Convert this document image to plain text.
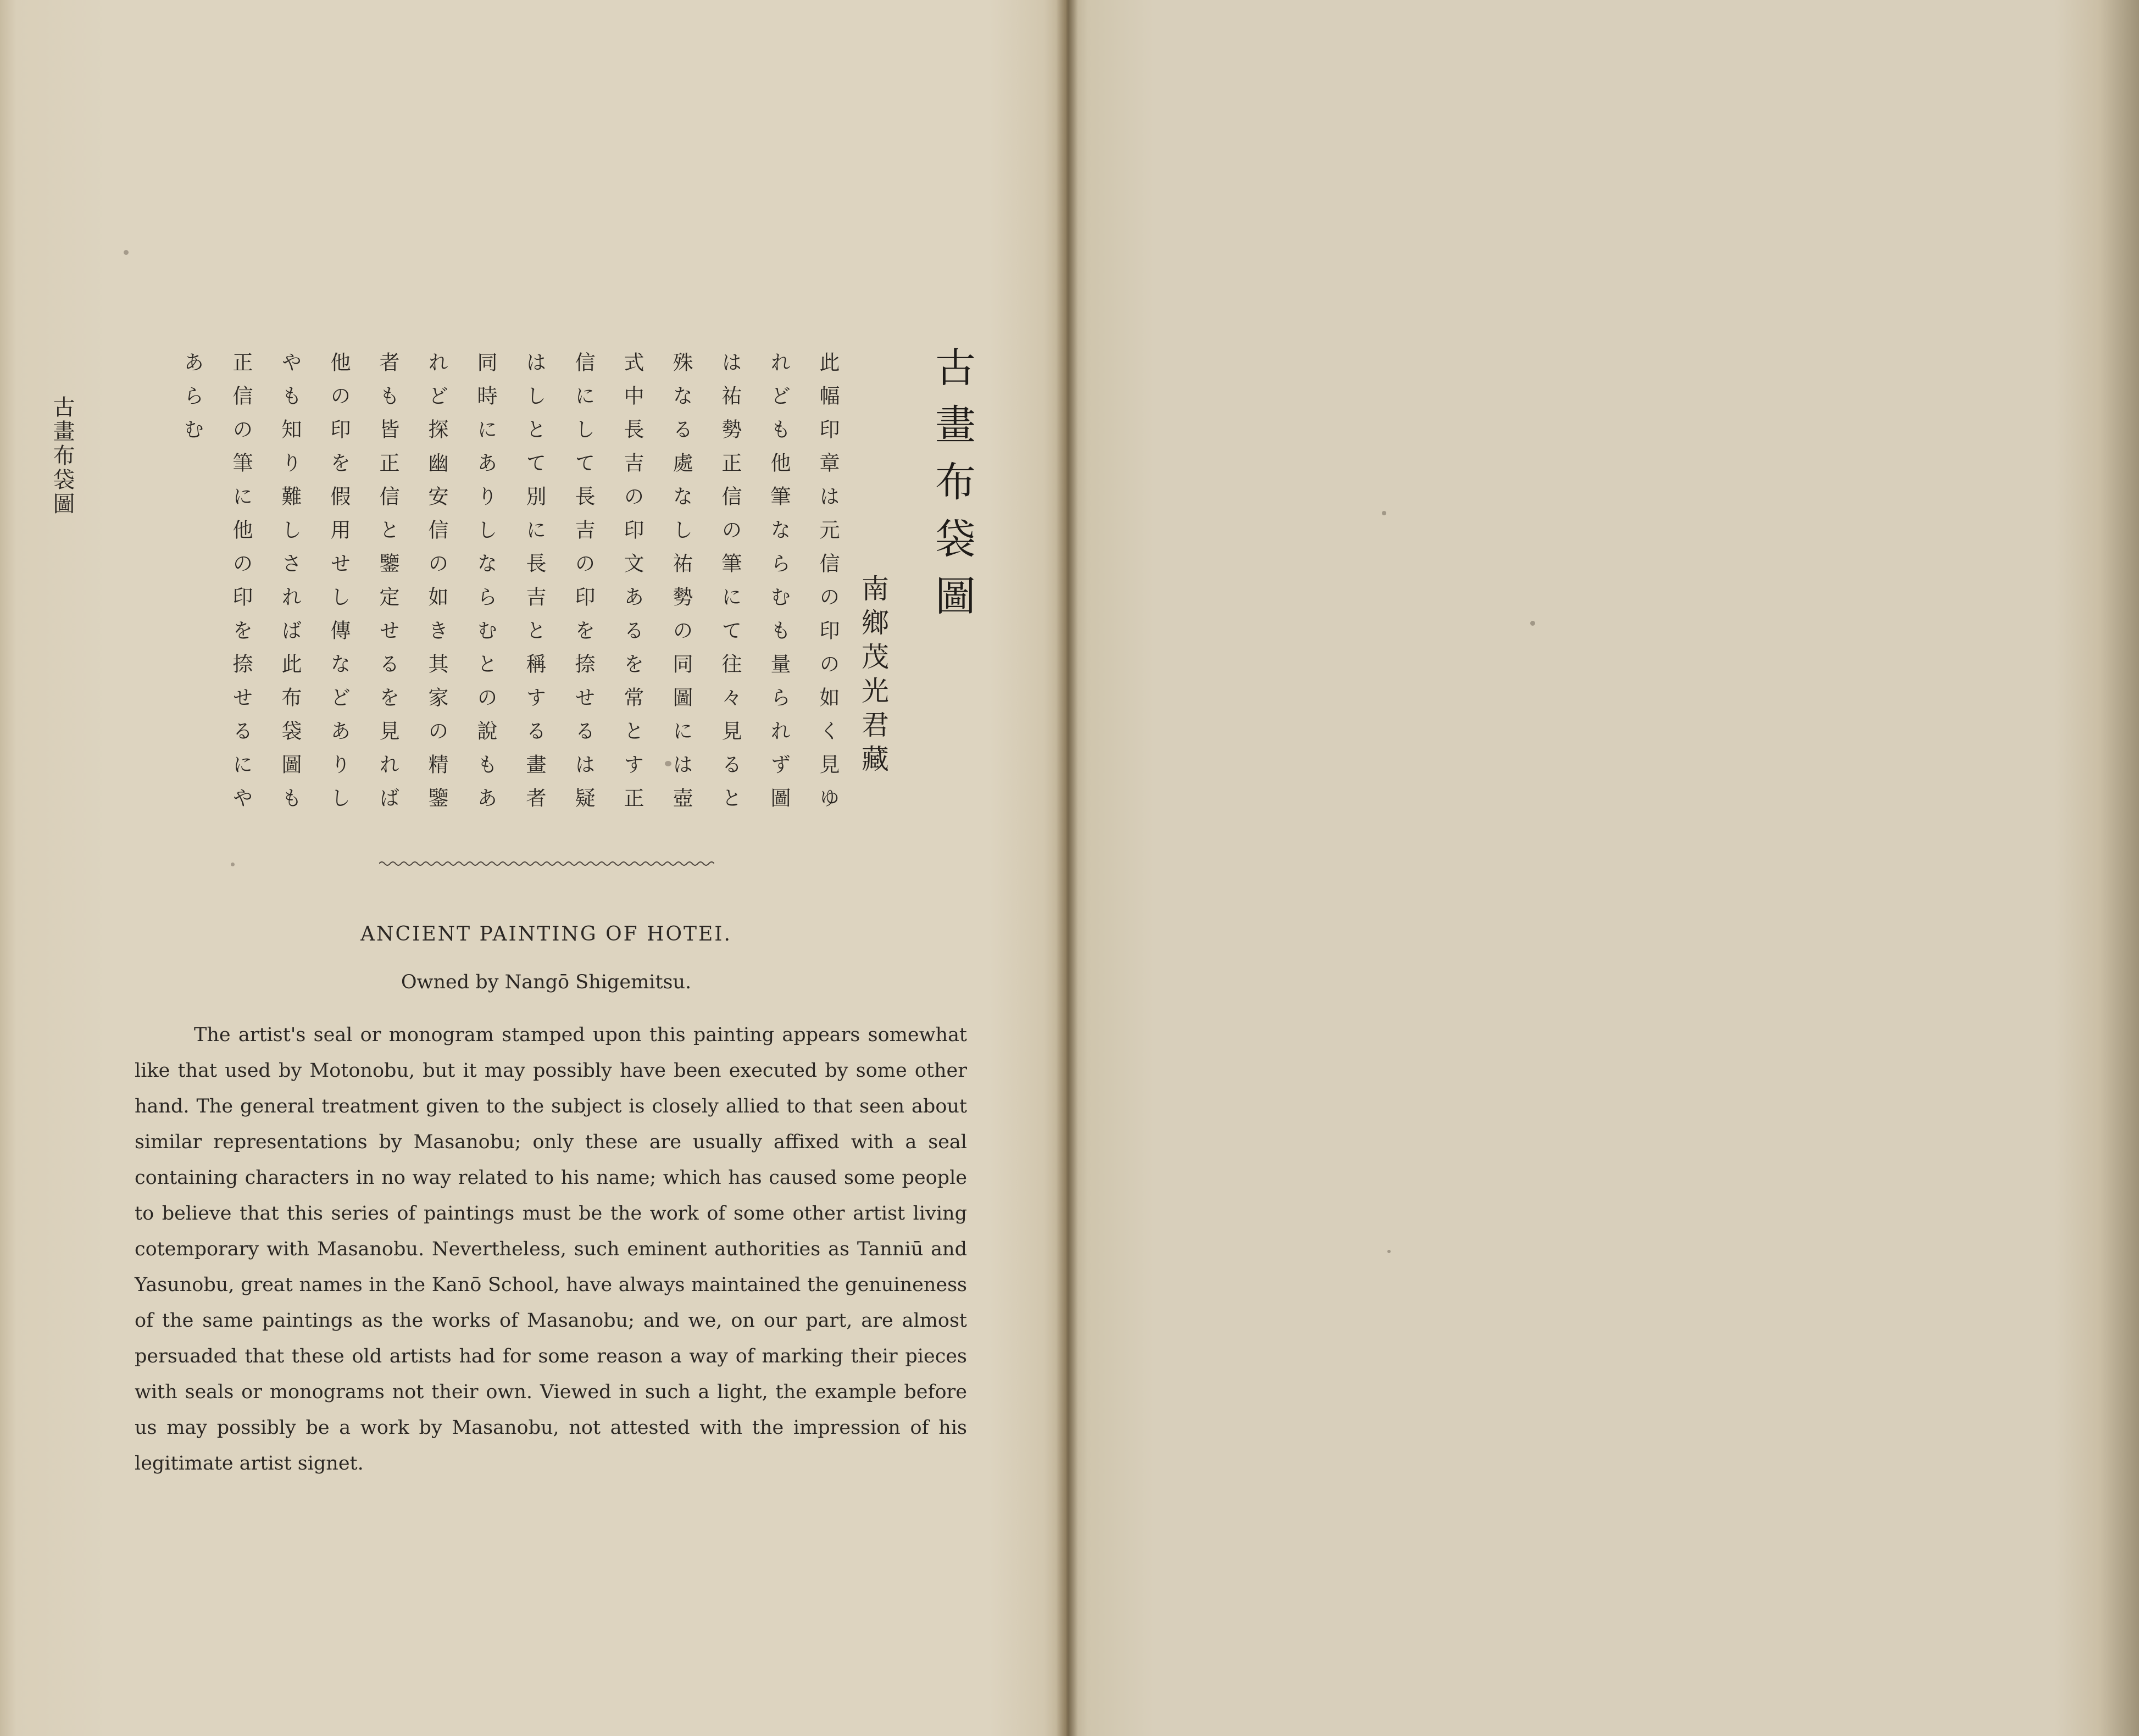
古畫布袋圖	古畫布袋圖
南鄉茂光君藏
此幅印章は元信の印の如く見ゆ
れども他筆ならむも量られず圖
は祐勢正信の筆にて往々見ると
殊なる處なし祐勢の同圖には壺
式中長吉の印文あるを常とす正
信にして長吉の印を捺せるは疑
はしとて別に長吉と稱する畫者
同時にありしならむとの說もあ
れど探幽安信の如き其家の精鑒
者も皆正信と鑒定せるを見れば
他の印を假用せし傳などありし
やも知り難しされば此布袋圖も
正信の筆に他の印を捺せるにや
あらむ
ANCIENT PAINTING OF HOTEI.
Owned by Nangō Shigemitsu.

The artist's seal or monogram stamped upon this painting appears somewhat like that used by Motonobu, but it may possibly have been executed by some other hand. The general treatment given to the subject is closely allied to that seen about similar representations by Masanobu; only these are usually affixed with a seal containing characters in no way related to his name; which has caused some people to believe that this series of paintings must be the work of some other artist living cotemporary with Masanobu. Nevertheless, such eminent authorities as Tanniū and Yasunobu, great names in the Kanō School, have always maintained the genuineness of the same paintings as the works of Masanobu; and we, on our part, are almost persuaded that these old artists had for some reason a way of marking their pieces with seals or monograms not their own. Viewed in such a light, the example before us may possibly be a work by Masanobu, not attested with the impression of his legitimate artist signet.
